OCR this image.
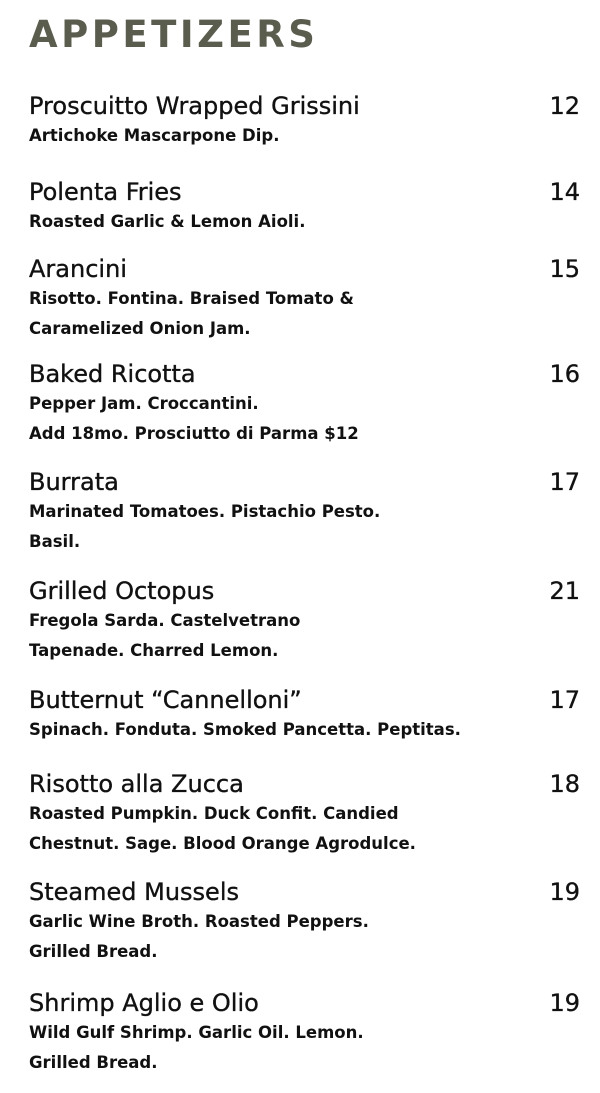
APPETIZERS
Proscuitto Wrapped Grissini	12
Artichoke Mascarpone Dip.
Polenta Fries	14
Roasted Garlic & Lemon Aioli.
Arancini	15
Risotto. Fontina. Braised Tomato &
Caramelized Onion Jam.
Baked Ricotta	16
Pepper Jam. Croccantini.
Add 18mo. Prosciutto di Parma $12
Burrata	17
Marinated Tomatoes. Pistachio Pesto.
Basil.
Grilled Octopus	21
Fregola Sarda. Castelvetrano
Tapenade. Charred Lemon.
Butternut “Cannelloni”	17
Spinach. Fonduta. Smoked Pancetta. Peptitas.
Risotto alla Zucca	18
Roasted Pumpkin. Duck Confit. Candied
Chestnut. Sage. Blood Orange Agrodulce.
Steamed Mussels	19
Garlic Wine Broth. Roasted Peppers.
Grilled Bread.
Shrimp Aglio e Olio	19
Wild Gulf Shrimp. Garlic Oil. Lemon.
Grilled Bread.
